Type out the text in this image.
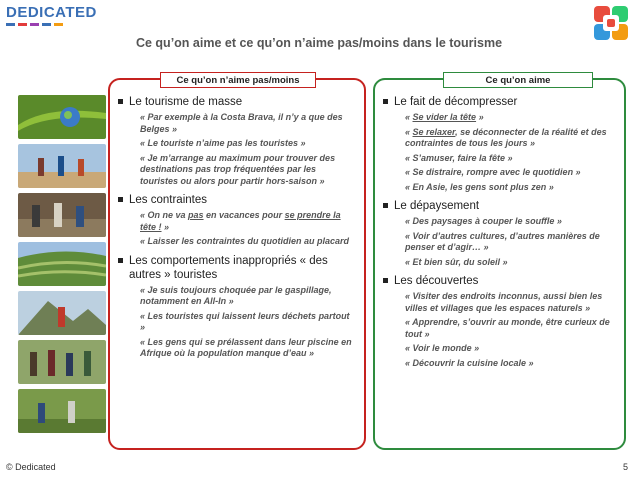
DEDICATED
Ce qu’on aime et ce qu’on n’aime pas/moins dans le tourisme
Ce qu’on n’aime pas/moins
Le tourisme de masse
« Par exemple à la Costa Brava, il n’y a que des Belges »
« Le touriste n’aime pas les touristes »
« Je m’arrange au maximum pour trouver des destinations pas trop fréquentées par les touristes ou alors pour partir hors-saison »
Les contraintes
« On ne va pas en vacances pour se prendre la tête ! »
« Laisser les contraintes du quotidien au placard
Les comportements inappropriés « des autres » touristes
« Je suis toujours choquée par le gaspillage, notamment en All-In »
« Les touristes qui laissent leurs déchets partout »
« Les gens qui se prélassent dans leur piscine en Afrique où la population manque d’eau »
Ce qu’on aime
Le fait de décompresser
« Se vider la tête »
« Se relaxer, se déconnecter de la réalité et des contraintes de tous les jours »
« S’amuser, faire la fête »
« Se distraire, rompre avec le quotidien »
« En Asie, les gens sont plus zen »
Le dépaysement
« Des paysages à couper le souffle »
« Voir d’autres cultures, d’autres manières de penser et d’agir… »
« Et bien sûr, du soleil »
Les découvertes
« Visiter des endroits inconnus, aussi bien les villes et villages que les espaces naturels »
« Apprendre, s’ouvrir au monde, être curieux de tout »
« Voir le monde »
« Découvrir la cuisine locale »
© Dedicated	5
